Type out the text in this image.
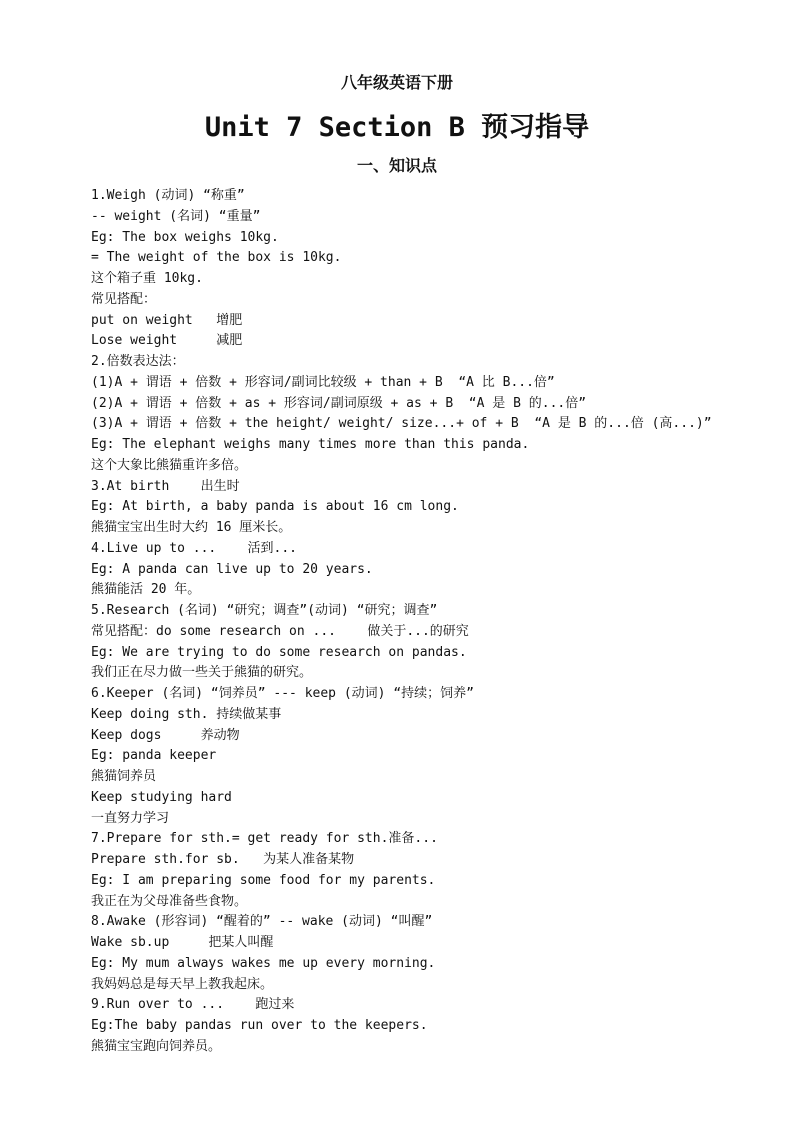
八年级英语下册
Unit 7 Section B 预习指导
一、知识点
1.Weigh (动词) “称重”
-- weight (名词) “重量”
Eg: The box weighs 10kg.
= The weight of the box is 10kg.
这个箱子重 10kg.
常见搭配：
put on weight   增肥
Lose weight     减肥
2.倍数表达法：
(1)A + 谓语 + 倍数 + 形容词/副词比较级 + than + B  “A 比 B...倍”
(2)A + 谓语 + 倍数 + as + 形容词/副词原级 + as + B  “A 是 B 的...倍”
(3)A + 谓语 + 倍数 + the height/ weight/ size...+ of + B  “A 是 B 的...倍 (高...)”
Eg: The elephant weighs many times more than this panda.
这个大象比熊猫重许多倍。
3.At birth    出生时
Eg: At birth, a baby panda is about 16 cm long.
熊猫宝宝出生时大约 16 厘米长。
4.Live up to ...    活到...
Eg: A panda can live up to 20 years.
熊猫能活 20 年。
5.Research (名词) “研究；调查”(动词) “研究；调查”
常见搭配：do some research on ...    做关于...的研究
Eg: We are trying to do some research on pandas.
我们正在尽力做一些关于熊猫的研究。
6.Keeper (名词) “饲养员” --- keep (动词) “持续；饲养”
Keep doing sth. 持续做某事
Keep dogs     养动物
Eg: panda keeper
熊猫饲养员
Keep studying hard
一直努力学习
7.Prepare for sth.= get ready for sth.准备...
Prepare sth.for sb.   为某人准备某物
Eg: I am preparing some food for my parents.
我正在为父母准备些食物。
8.Awake (形容词) “醒着的” -- wake (动词) “叫醒”
Wake sb.up     把某人叫醒
Eg: My mum always wakes me up every morning.
我妈妈总是每天早上教我起床。
9.Run over to ...    跑过来
Eg:The baby pandas run over to the keepers.
熊猫宝宝跑向饲养员。
